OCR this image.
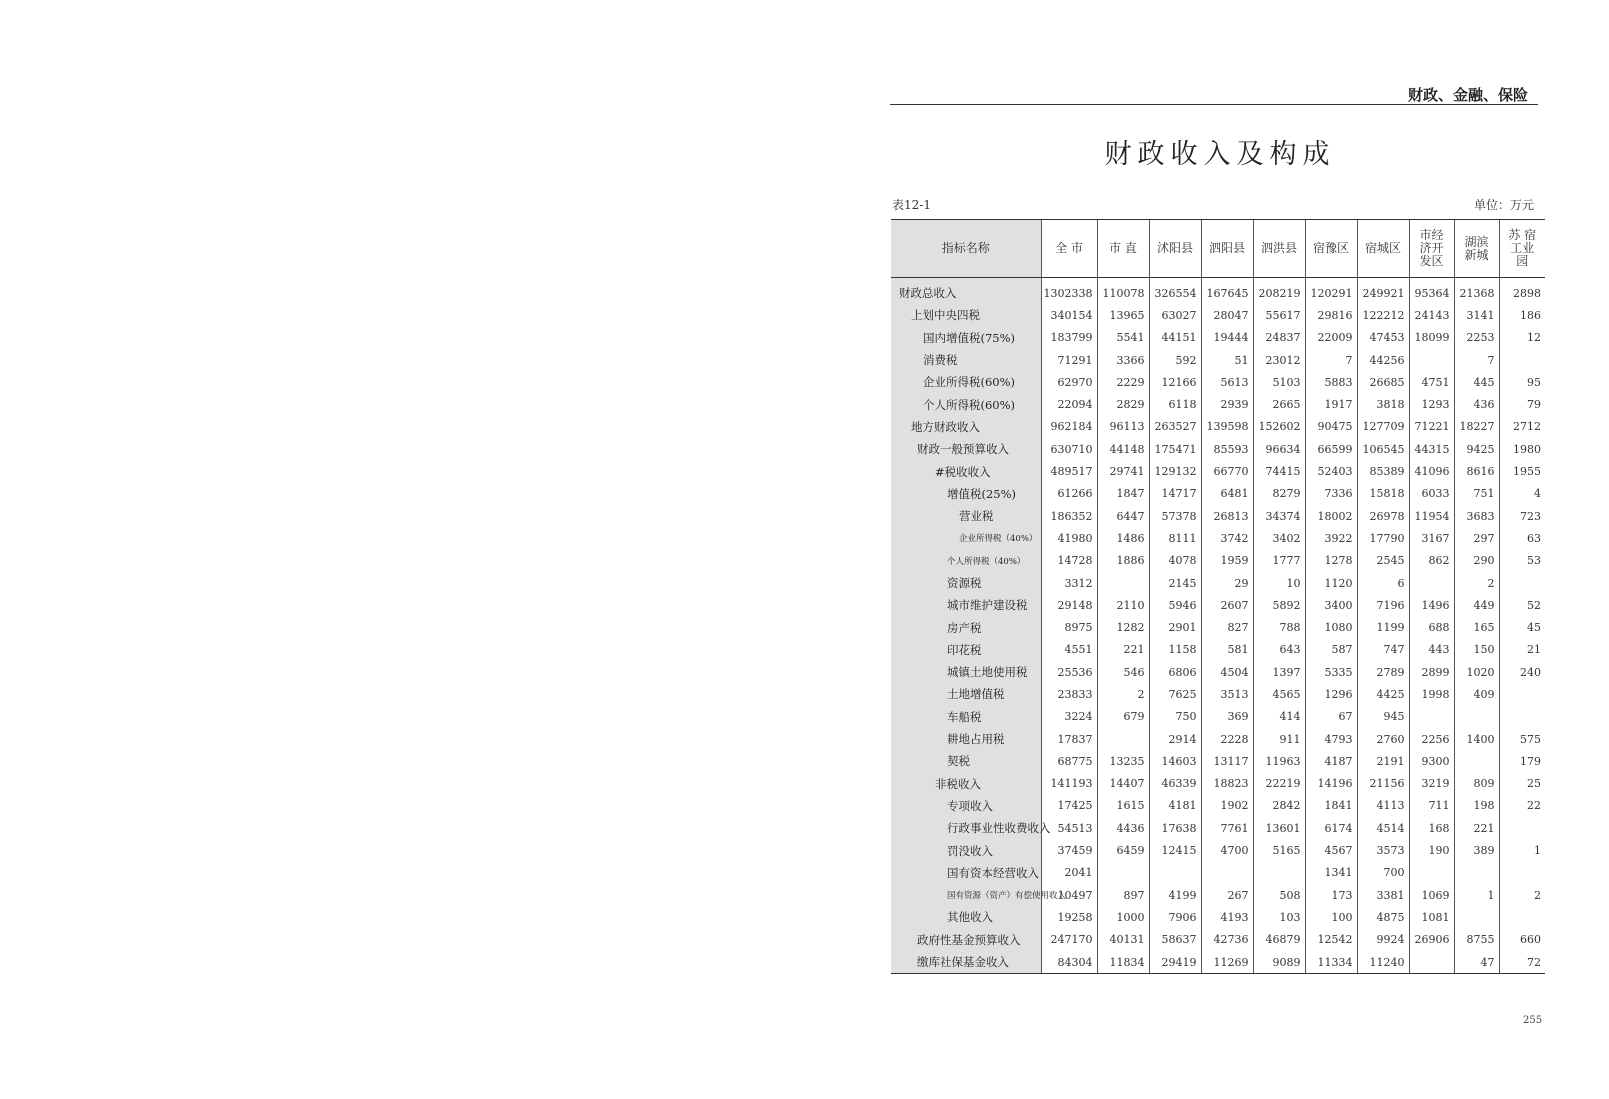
财政、金融、保险
财政收入及构成
表12-1	单位：万元
指标名称	全 市	市 直	沭阳县	泗阳县	泗洪县	宿豫区	宿城区	市经济开发区	湖滨新城	苏 宿工业园
财政总收入	1302338	110078	326554	167645	208219	120291	249921	95364	21368	2898
上划中央四税	340154	13965	63027	28047	55617	29816	122212	24143	3141	186
国内增值税(75%)	183799	5541	44151	19444	24837	22009	47453	18099	2253	12
消费税	71291	3366	592	51	23012	7	44256		7	
企业所得税(60%)	62970	2229	12166	5613	5103	5883	26685	4751	445	95
个人所得税(60%)	22094	2829	6118	2939	2665	1917	3818	1293	436	79
地方财政收入	962184	96113	263527	139598	152602	90475	127709	71221	18227	2712
财政一般预算收入	630710	44148	175471	85593	96634	66599	106545	44315	9425	1980
#税收收入	489517	29741	129132	66770	74415	52403	85389	41096	8616	1955
增值税(25%)	61266	1847	14717	6481	8279	7336	15818	6033	751	4
营业税	186352	6447	57378	26813	34374	18002	26978	11954	3683	723
企业所得税（40%）	41980	1486	8111	3742	3402	3922	17790	3167	297	63
个人所得税（40%）	14728	1886	4078	1959	1777	1278	2545	862	290	53
资源税	3312		2145	29	10	1120	6		2	
城市维护建设税	29148	2110	5946	2607	5892	3400	7196	1496	449	52
房产税	8975	1282	2901	827	788	1080	1199	688	165	45
印花税	4551	221	1158	581	643	587	747	443	150	21
城镇土地使用税	25536	546	6806	4504	1397	5335	2789	2899	1020	240
土地增值税	23833	2	7625	3513	4565	1296	4425	1998	409	
车船税	3224	679	750	369	414	67	945			
耕地占用税	17837		2914	2228	911	4793	2760	2256	1400	575
契税	68775	13235	14603	13117	11963	4187	2191	9300		179
非税收入	141193	14407	46339	18823	22219	14196	21156	3219	809	25
专项收入	17425	1615	4181	1902	2842	1841	4113	711	198	22
行政事业性收费收入	54513	4436	17638	7761	13601	6174	4514	168	221	
罚没收入	37459	6459	12415	4700	5165	4567	3573	190	389	1
国有资本经营收入	2041					1341	700			
国有资源（资产）有偿使用收入	10497	897	4199	267	508	173	3381	1069	1	2
其他收入	19258	1000	7906	4193	103	100	4875	1081		
政府性基金预算收入	247170	40131	58637	42736	46879	12542	9924	26906	8755	660
缴库社保基金收入	84304	11834	29419	11269	9089	11334	11240		47	72
255
